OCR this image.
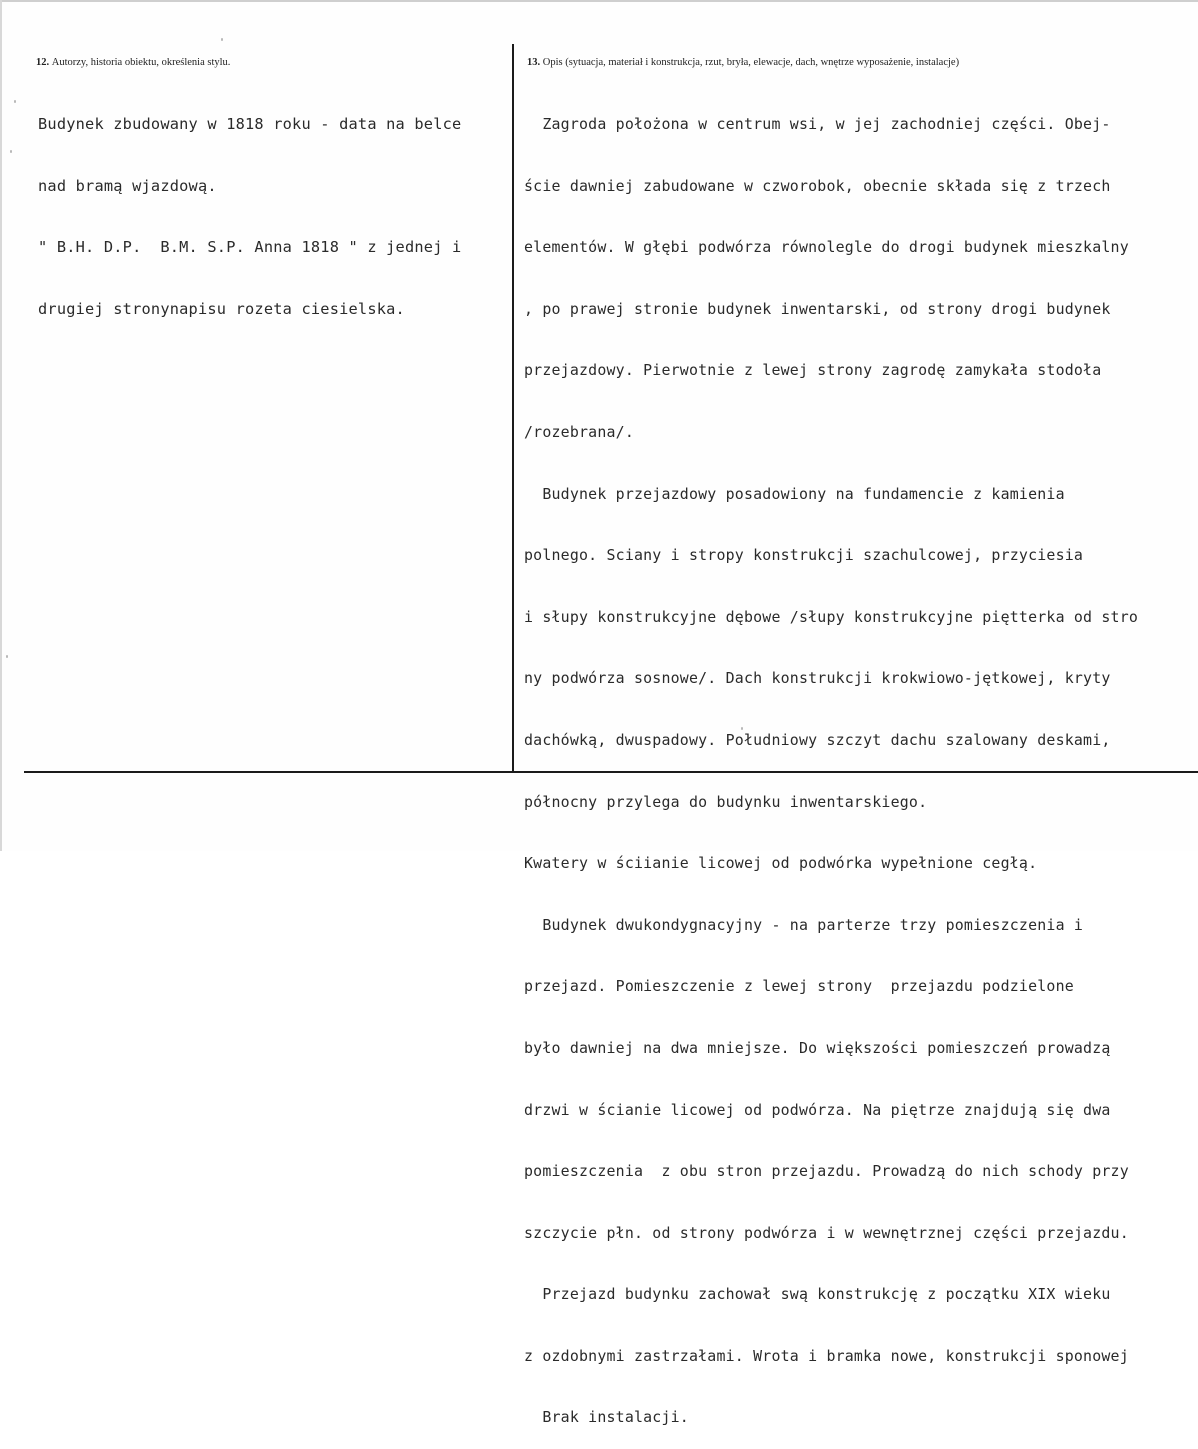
12. Autorzy, historia obiektu, określenia stylu.

Budynek zbudowany w 1818 roku - data na belce

nad bramą wjazdową.

" B.H. D.P.  B.M. S.P. Anna 1818 " z jednej i

drugiej stronynapisu rozeta ciesielska.

13. Opis (sytuacja, materiał i konstrukcja, rzut, bryła, elewacje, dach, wnętrze wyposażenie, instalacje)

Zagroda położona w centrum wsi, w jej zachodniej części. Obej-

ście dawniej zabudowane w czworobok, obecnie składa się z trzech

elementów. W głębi podwórza równolegle do drogi budynek mieszkalny

, po prawej stronie budynek inwentarski, od strony drogi budynek

przejazdowy. Pierwotnie z lewej strony zagrodę zamykała stodoła

/rozebrana/.

Budynek przejazdowy posadowiony na fundamencie z kamienia

polnego. Sciany i stropy konstrukcji szachulcowej, przyciesia

i słupy konstrukcyjne dębowe /słupy konstrukcyjne piętterka od stro

ny podwórza sosnowe/. Dach konstrukcji krokwiowo-jętkowej, kryty

dachówką, dwuspadowy. Południowy szczyt dachu szalowany deskami,

północny przylega do budynku inwentarskiego.

Kwatery w ściianie licowej od podwórka wypełnione cegłą.

Budynek dwukondygnacyjny - na parterze trzy pomieszczenia i

przejazd. Pomieszczenie z lewej strony  przejazdu podzielone

było dawniej na dwa mniejsze. Do większości pomieszczeń prowadzą

drzwi w ścianie licowej od podwórza. Na piętrze znajdują się dwa

pomieszczenia  z obu stron przejazdu. Prowadzą do nich schody przy

szczycie płn. od strony podwórza i w wewnętrznej części przejazdu.

Przejazd budynku zachował swą konstrukcję z początku XIX wieku

z ozdobnymi zastrzałami. Wrota i bramka nowe, konstrukcji sponowej

Brak instalacji.
